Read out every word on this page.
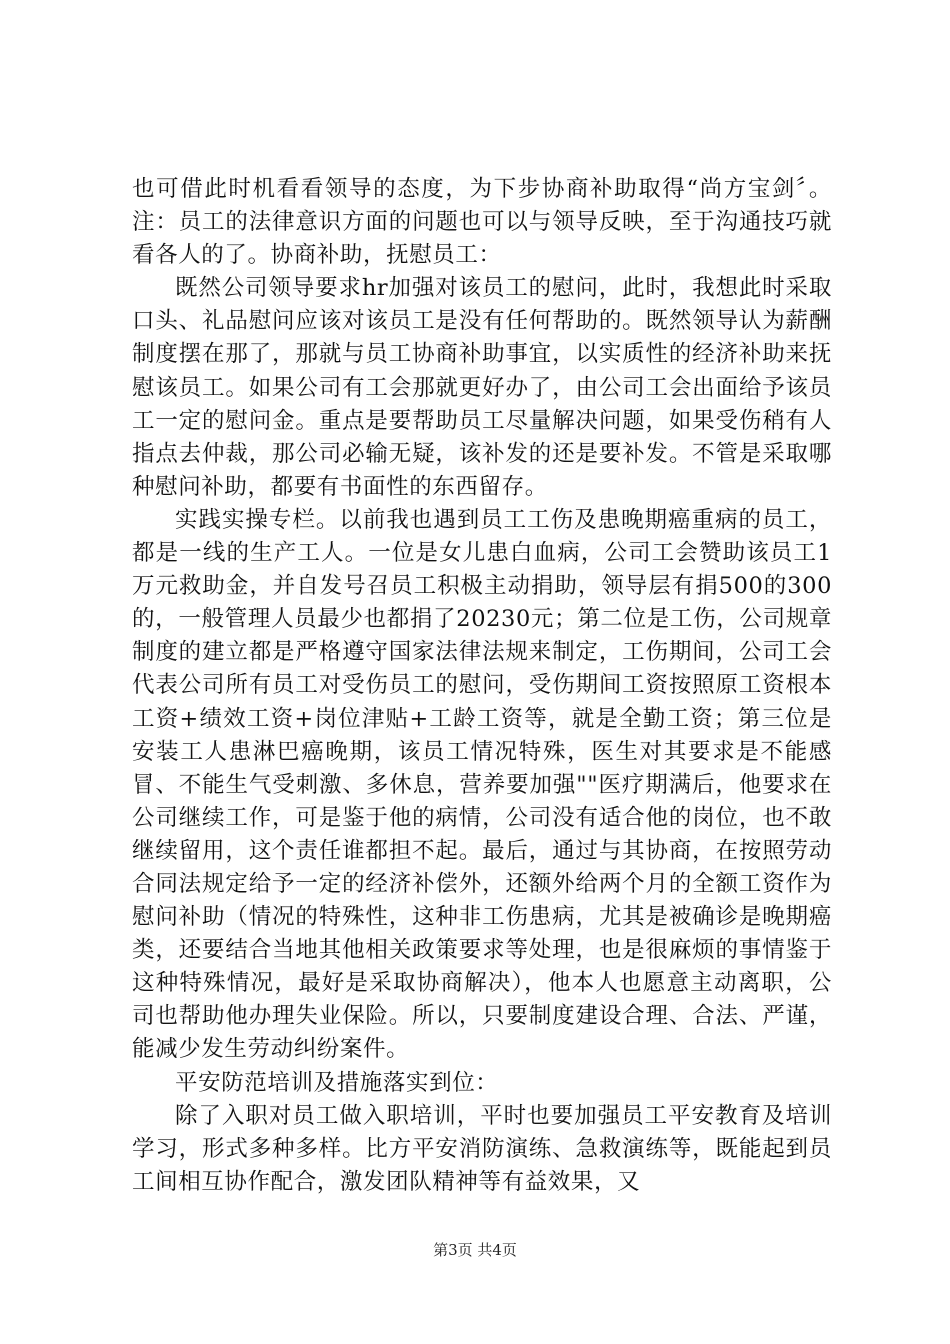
也可借此时机看看领导的态度，为下步协商补助取得“尚方宝剑〞。注：员工的法律意识方面的问题也可以与领导反映，至于沟通技巧就看各人的了。协商补助，抚慰员工：

既然公司领导要求hr加强对该员工的慰问，此时，我想此时采取口头、礼品慰问应该对该员工是没有任何帮助的。既然领导认为薪酬制度摆在那了，那就与员工协商补助事宜，以实质性的经济补助来抚慰该员工。如果公司有工会那就更好办了，由公司工会出面给予该员工一定的慰问金。重点是要帮助员工尽量解决问题，如果受伤稍有人指点去仲裁，那公司必输无疑，该补发的还是要补发。不管是采取哪种慰问补助，都要有书面性的东西留存。

实践实操专栏。以前我也遇到员工工伤及患晚期癌重病的员工，都是一线的生产工人。一位是女儿患白血病，公司工会赞助该员工1万元救助金，并自发号召员工积极主动捐助，领导层有捐500的300的，一般管理人员最少也都捐了20230元；第二位是工伤，公司规章制度的建立都是严格遵守国家法律法规来制定，工伤期间，公司工会代表公司所有员工对受伤员工的慰问，受伤期间工资按照原工资根本工资+绩效工资+岗位津贴+工龄工资等，就是全勤工资；第三位是安装工人患淋巴癌晚期，该员工情况特殊，医生对其要求是不能感冒、不能生气受刺激、多休息，营养要加强""医疗期满后，他要求在公司继续工作，可是鉴于他的病情，公司没有适合他的岗位，也不敢继续留用，这个责任谁都担不起。最后，通过与其协商，在按照劳动合同法规定给予一定的经济补偿外，还额外给两个月的全额工资作为慰问补助（情况的特殊性，这种非工伤患病，尤其是被确诊是晚期癌类，还要结合当地其他相关政策要求等处理，也是很麻烦的事情鉴于这种特殊情况，最好是采取协商解决），他本人也愿意主动离职，公司也帮助他办理失业保险。所以，只要制度建设合理、合法、严谨，能减少发生劳动纠纷案件。

平安防范培训及措施落实到位：

除了入职对员工做入职培训，平时也要加强员工平安教育及培训学习，形式多种多样。比方平安消防演练、急救演练等，既能起到员工间相互协作配合，激发团队精神等有益效果，又

第3页 共4页
